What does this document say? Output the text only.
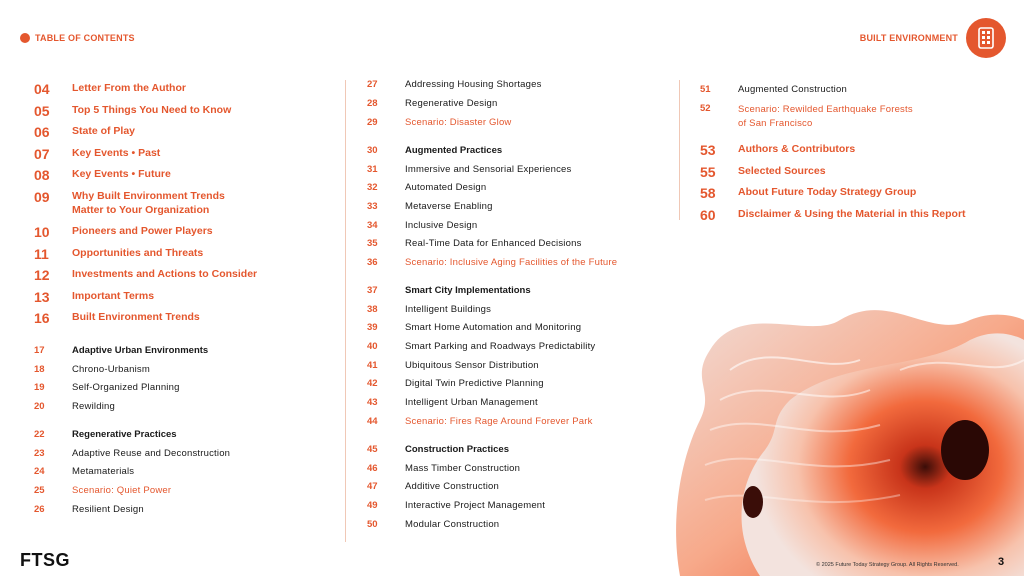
TABLE OF CONTENTS	BUILT ENVIRONMENT
04	Letter From the Author
05	Top 5 Things You Need to Know
06	State of Play
07	Key Events • Past
08	Key Events • Future
09	Why Built Environment Trends
Matter to Your Organization
10	Pioneers and Power Players
11	Opportunities and Threats
12	Investments and Actions to Consider
13	Important Terms
16	Built Environment Trends
17	Adaptive Urban Environments
18	Chrono-Urbanism
19	Self-Organized Planning
20	Rewilding
22	Regenerative Practices
23	Adaptive Reuse and Deconstruction
24	Metamaterials
25	Scenario: Quiet Power
26	Resilient Design
27	Addressing Housing Shortages
28	Regenerative Design
29	Scenario: Disaster Glow
30	Augmented Practices
31	Immersive and Sensorial Experiences
32	Automated Design
33	Metaverse Enabling
34	Inclusive Design
35	Real-Time Data for Enhanced Decisions
36	Scenario: Inclusive Aging Facilities of the Future
37	Smart City Implementations
38	Intelligent Buildings
39	Smart Home Automation and Monitoring
40	Smart Parking and Roadways Predictability
41	Ubiquitous Sensor Distribution
42	Digital Twin Predictive Planning
43	Intelligent Urban Management
44	Scenario: Fires Rage Around Forever Park
45	Construction Practices
46	Mass Timber Construction
47	Additive Construction
49	Interactive Project Management
50	Modular Construction
51	Augmented Construction
52	Scenario: Rewilded Earthquake Forests
of San Francisco
53	Authors & Contributors
55	Selected Sources
58	About Future Today Strategy Group
60	Disclaimer & Using the Material in this Report
FTSG	© 2025 Future Today Strategy Group. All Rights Reserved.	3
